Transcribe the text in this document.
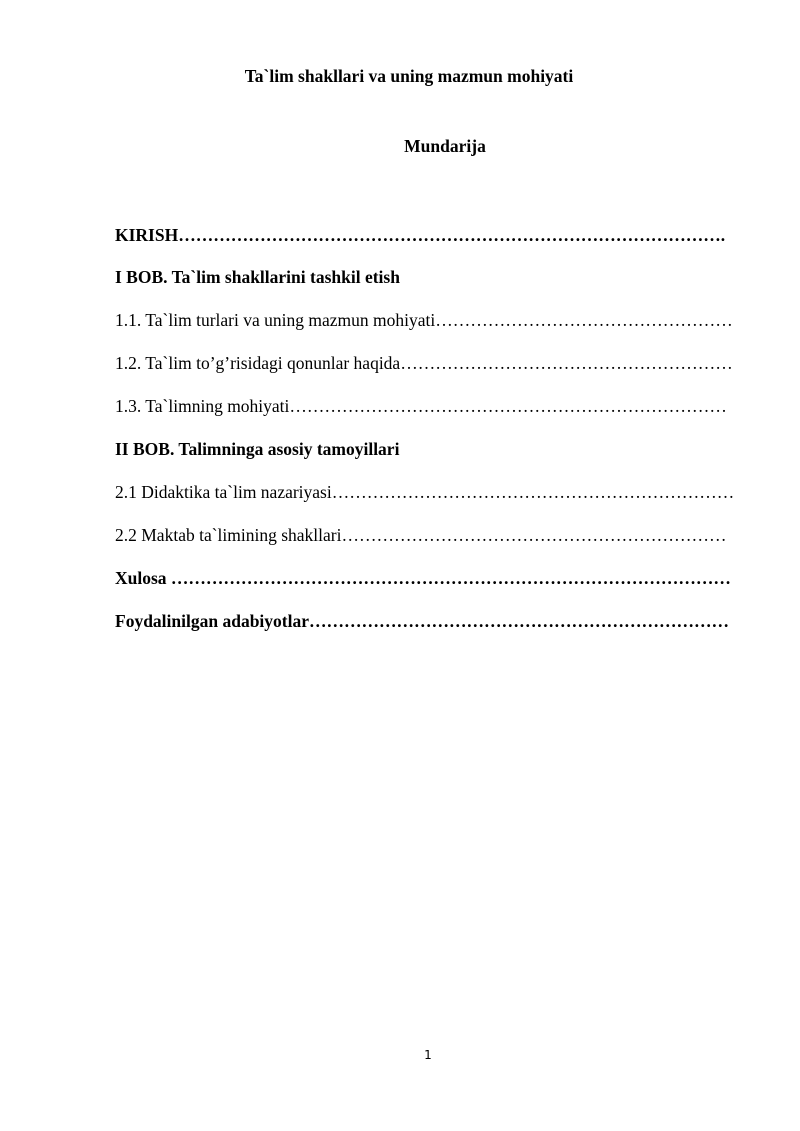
Ta`lim shakllari va uning mazmun mohiyati
Mundarija
KIRISH………………………………………………………………………………….
I BOB. Ta`lim shakllarini tashkil etish
1.1. Ta`lim turlari va uning mazmun mohiyati……………………………………………
1.2. Ta`lim to’g’risidagi qonunlar haqida…………………………………………………
1.3. Ta`limning mohiyati…………………………………………………………………
II BOB. Talimninga asosiy tamoyillari
2.1 Didaktika ta`lim nazariyasi……………………………………………………………
2.2 Maktab ta`limining shakllari…………………………………………………………
Xulosa ……………………………………………………………………………………
Foydalinilgan adabiyotlar………………………………………………………………
1
